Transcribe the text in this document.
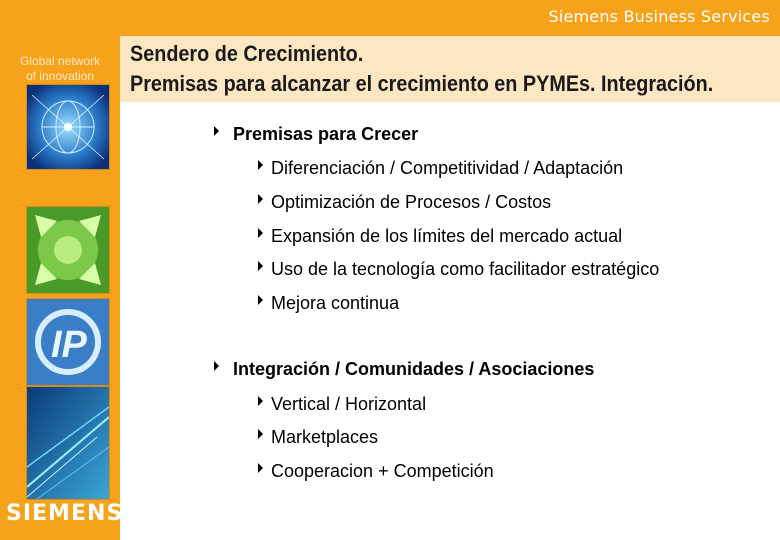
Siemens Business Services
Global network
of innovation
IP
SIEMENS
Sendero de Crecimiento.
Premisas para alcanzar el crecimiento en PYMEs. Integración.
Premisas para Crecer
Diferenciación / Competitividad / Adaptación
Optimización de Procesos / Costos
Expansión de los límites del mercado actual
Uso de la tecnología como facilitador estratégico
Mejora continua
Integración / Comunidades / Asociaciones
Vertical / Horizontal
Marketplaces
Cooperacion + Competición
